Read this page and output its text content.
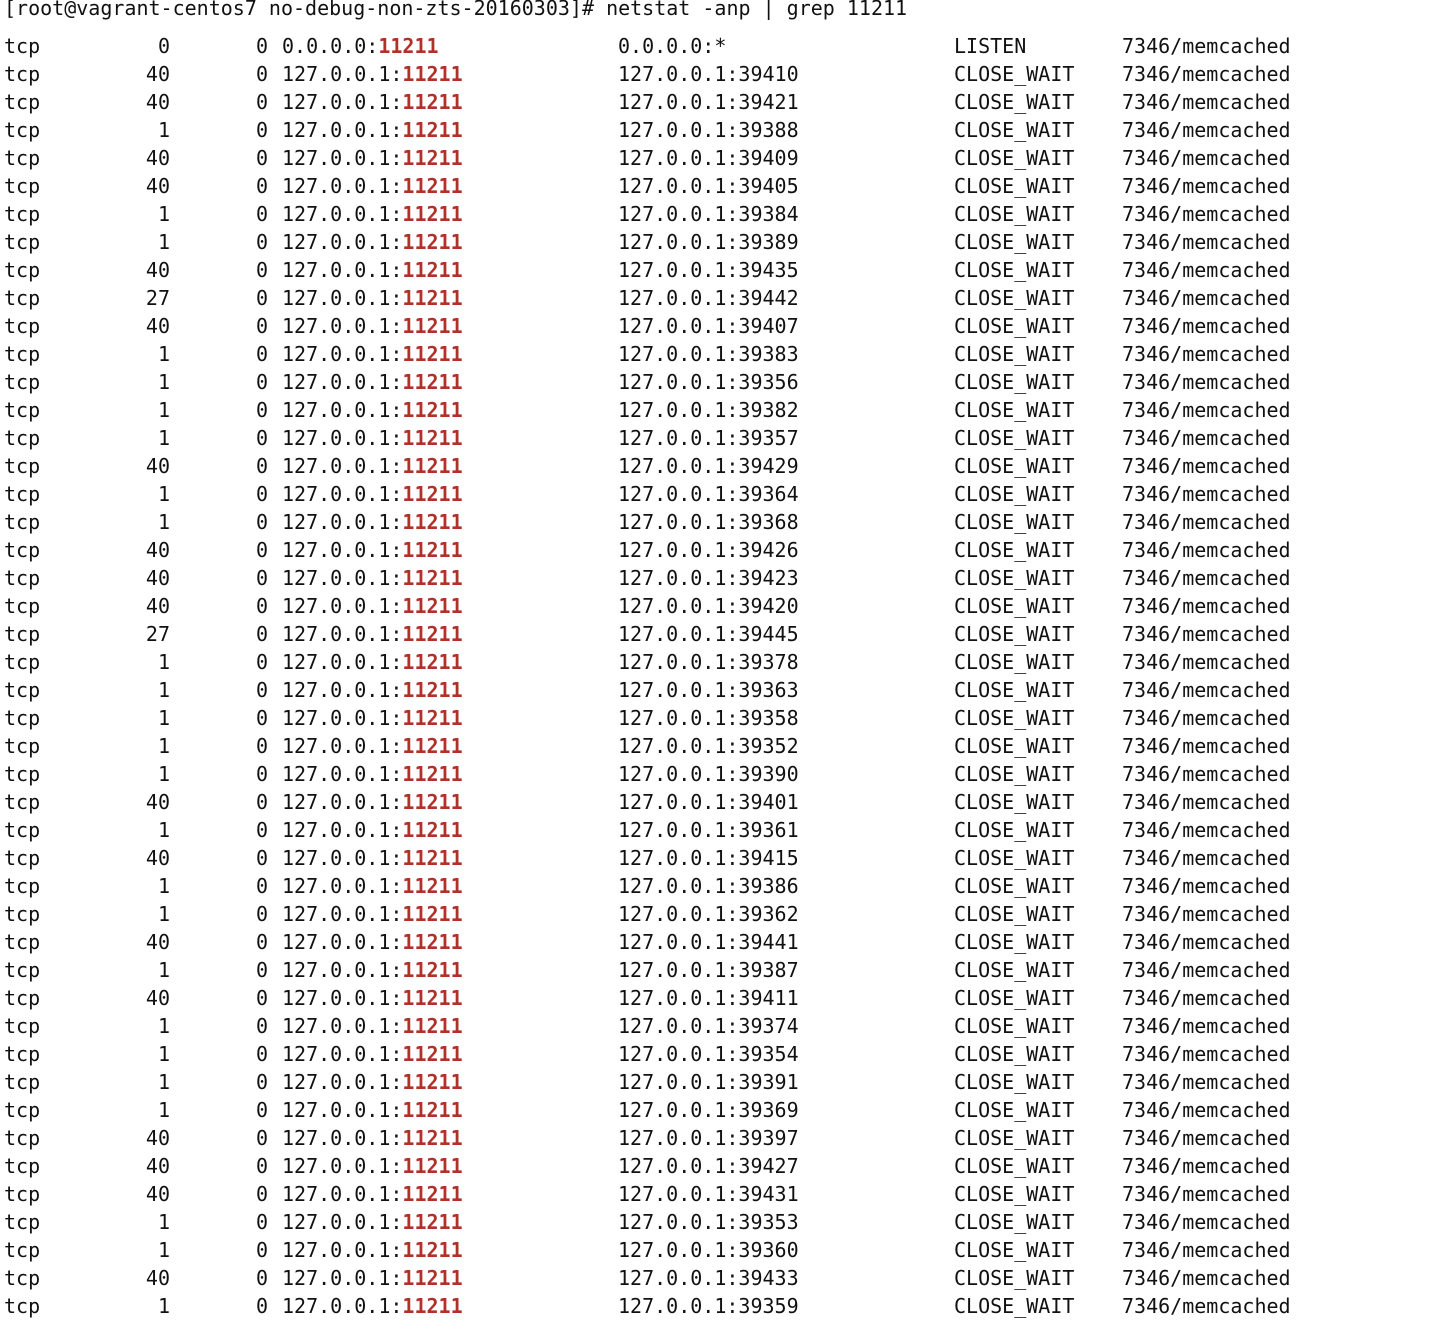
[root@vagrant-centos7 no-debug-non-zts-20160303]# netstat -anp | grep 11211
tcp	0	0 0.0.0.0:11211	0.0.0.0:*	LISTEN	7346/memcached
tcp	40	0 127.0.0.1:11211	127.0.0.1:39410	CLOSE_WAIT 7346/memcached
tcp	40	0 127.0.0.1:11211	127.0.0.1:39421	CLOSE_WAIT 7346/memcached
tcp	1	0 127.0.0.1:11211	127.0.0.1:39388	CLOSE_WAIT 7346/memcached
tcp	40	0 127.0.0.1:11211	127.0.0.1:39409	CLOSE_WAIT 7346/memcached
tcp	40	0 127.0.0.1:11211	127.0.0.1:39405	CLOSE_WAIT 7346/memcached
tcp	1	0 127.0.0.1:11211	127.0.0.1:39384	CLOSE_WAIT 7346/memcached
tcp	1	0 127.0.0.1:11211	127.0.0.1:39389	CLOSE_WAIT 7346/memcached
tcp	40	0 127.0.0.1:11211	127.0.0.1:39435	CLOSE_WAIT 7346/memcached
tcp	27	0 127.0.0.1:11211	127.0.0.1:39442	CLOSE_WAIT 7346/memcached
tcp	40	0 127.0.0.1:11211	127.0.0.1:39407	CLOSE_WAIT 7346/memcached
tcp	1	0 127.0.0.1:11211	127.0.0.1:39383	CLOSE_WAIT 7346/memcached
tcp	1	0 127.0.0.1:11211	127.0.0.1:39356	CLOSE_WAIT 7346/memcached
tcp	1	0 127.0.0.1:11211	127.0.0.1:39382	CLOSE_WAIT 7346/memcached
tcp	1	0 127.0.0.1:11211	127.0.0.1:39357	CLOSE_WAIT 7346/memcached
tcp	40	0 127.0.0.1:11211	127.0.0.1:39429	CLOSE_WAIT 7346/memcached
tcp	1	0 127.0.0.1:11211	127.0.0.1:39364	CLOSE_WAIT 7346/memcached
tcp	1	0 127.0.0.1:11211	127.0.0.1:39368	CLOSE_WAIT 7346/memcached
tcp	40	0 127.0.0.1:11211	127.0.0.1:39426	CLOSE_WAIT 7346/memcached
tcp	40	0 127.0.0.1:11211	127.0.0.1:39423	CLOSE_WAIT 7346/memcached
tcp	40	0 127.0.0.1:11211	127.0.0.1:39420	CLOSE_WAIT 7346/memcached
tcp	27	0 127.0.0.1:11211	127.0.0.1:39445	CLOSE_WAIT 7346/memcached
tcp	1	0 127.0.0.1:11211	127.0.0.1:39378	CLOSE_WAIT 7346/memcached
tcp	1	0 127.0.0.1:11211	127.0.0.1:39363	CLOSE_WAIT 7346/memcached
tcp	1	0 127.0.0.1:11211	127.0.0.1:39358	CLOSE_WAIT 7346/memcached
tcp	1	0 127.0.0.1:11211	127.0.0.1:39352	CLOSE_WAIT 7346/memcached
tcp	1	0 127.0.0.1:11211	127.0.0.1:39390	CLOSE_WAIT 7346/memcached
tcp	40	0 127.0.0.1:11211	127.0.0.1:39401	CLOSE_WAIT 7346/memcached
tcp	1	0 127.0.0.1:11211	127.0.0.1:39361	CLOSE_WAIT 7346/memcached
tcp	40	0 127.0.0.1:11211	127.0.0.1:39415	CLOSE_WAIT 7346/memcached
tcp	1	0 127.0.0.1:11211	127.0.0.1:39386	CLOSE_WAIT 7346/memcached
tcp	1	0 127.0.0.1:11211	127.0.0.1:39362	CLOSE_WAIT 7346/memcached
tcp	40	0 127.0.0.1:11211	127.0.0.1:39441	CLOSE_WAIT 7346/memcached
tcp	1	0 127.0.0.1:11211	127.0.0.1:39387	CLOSE_WAIT 7346/memcached
tcp	40	0 127.0.0.1:11211	127.0.0.1:39411	CLOSE_WAIT 7346/memcached
tcp	1	0 127.0.0.1:11211	127.0.0.1:39374	CLOSE_WAIT 7346/memcached
tcp	1	0 127.0.0.1:11211	127.0.0.1:39354	CLOSE_WAIT 7346/memcached
tcp	1	0 127.0.0.1:11211	127.0.0.1:39391	CLOSE_WAIT 7346/memcached
tcp	1	0 127.0.0.1:11211	127.0.0.1:39369	CLOSE_WAIT 7346/memcached
tcp	40	0 127.0.0.1:11211	127.0.0.1:39397	CLOSE_WAIT 7346/memcached
tcp	40	0 127.0.0.1:11211	127.0.0.1:39427	CLOSE_WAIT 7346/memcached
tcp	40	0 127.0.0.1:11211	127.0.0.1:39431	CLOSE_WAIT 7346/memcached
tcp	1	0 127.0.0.1:11211	127.0.0.1:39353	CLOSE_WAIT 7346/memcached
tcp	1	0 127.0.0.1:11211	127.0.0.1:39360	CLOSE_WAIT 7346/memcached
tcp	40	0 127.0.0.1:11211	127.0.0.1:39433	CLOSE_WAIT 7346/memcached
tcp	1	0 127.0.0.1:11211	127.0.0.1:39359	CLOSE_WAIT 7346/memcached
